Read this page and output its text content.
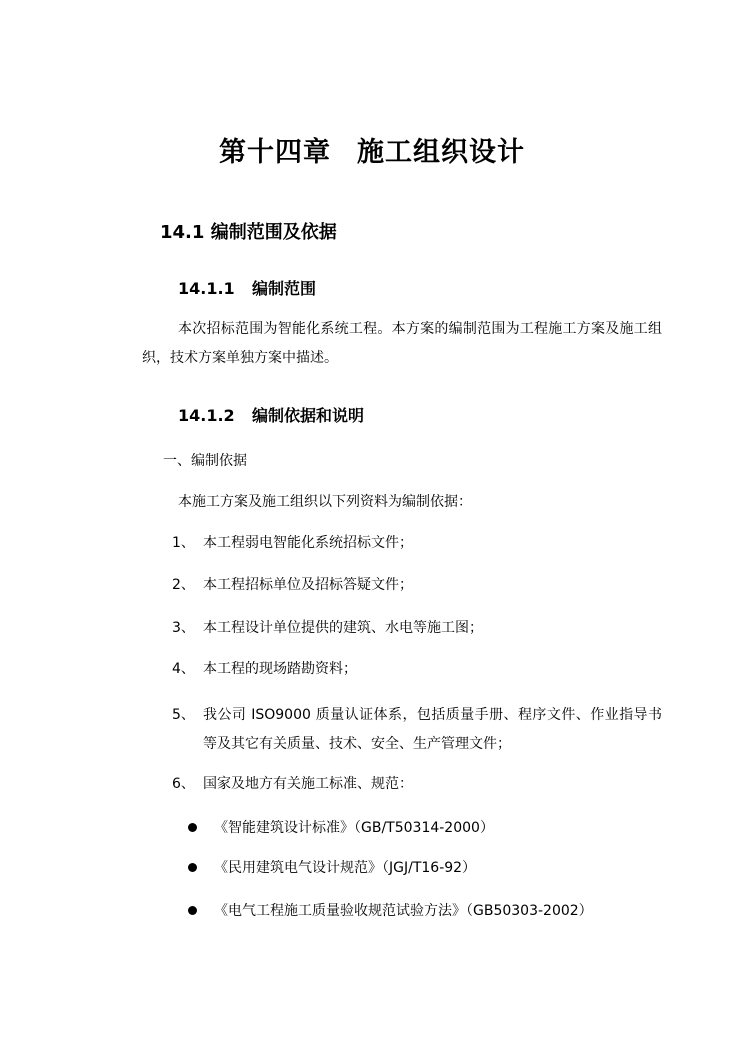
第十四章 施工组织设计
14.1 编制范围及依据
14.1.1 编制范围
本次招标范围为智能化系统工程。本方案的编制范围为工程施工方案及施工组织，技术方案单独方案中描述。
14.1.2 编制依据和说明
一、编制依据
本施工方案及施工组织以下列资料为编制依据：
1、 本工程弱电智能化系统招标文件；
2、 本工程招标单位及招标答疑文件；
3、 本工程设计单位提供的建筑、水电等施工图；
4、 本工程的现场踏勘资料；
5、 我公司 ISO9000 质量认证体系，包括质量手册、程序文件、作业指导书等及其它有关质量、技术、安全、生产管理文件；
6、 国家及地方有关施工标准、规范：
《智能建筑设计标准》（GB/T50314-2000）
《民用建筑电气设计规范》（JGJ/T16-92）
《电气工程施工质量验收规范试验方法》（GB50303-2002）
